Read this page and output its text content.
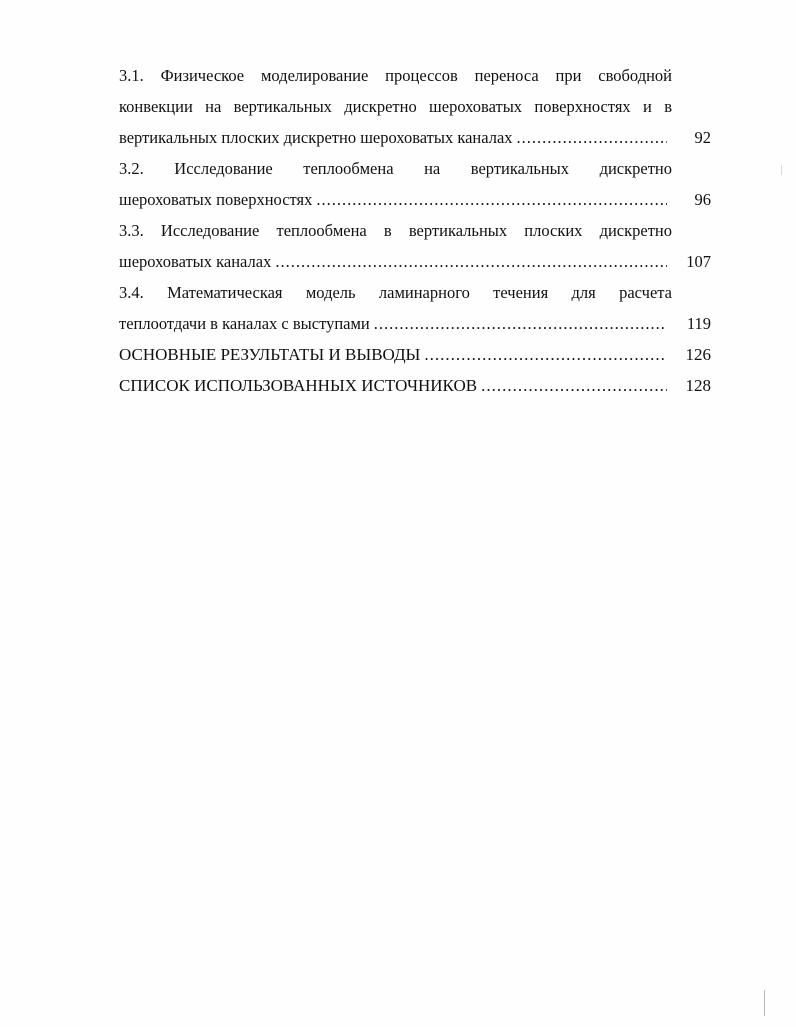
3.1. Физическое моделирование процессов переноса при свободной
конвекции на вертикальных дискретно шероховатых поверхностях и в
вертикальных плоских дискретно шероховатых каналах .....	92
3.2. Исследование теплообмена на вертикальных дискретно
шероховатых поверхностях .....	96
3.3. Исследование теплообмена в вертикальных плоских дискретно
шероховатых каналах .....	107
3.4. Математическая модель ламинарного течения для расчета
теплоотдачи в каналах с выступами .....	119
ОСНОВНЫЕ РЕЗУЛЬТАТЫ И ВЫВОДЫ .....	126
СПИСОК ИСПОЛЬЗОВАННЫХ ИСТОЧНИКОВ .....	128
